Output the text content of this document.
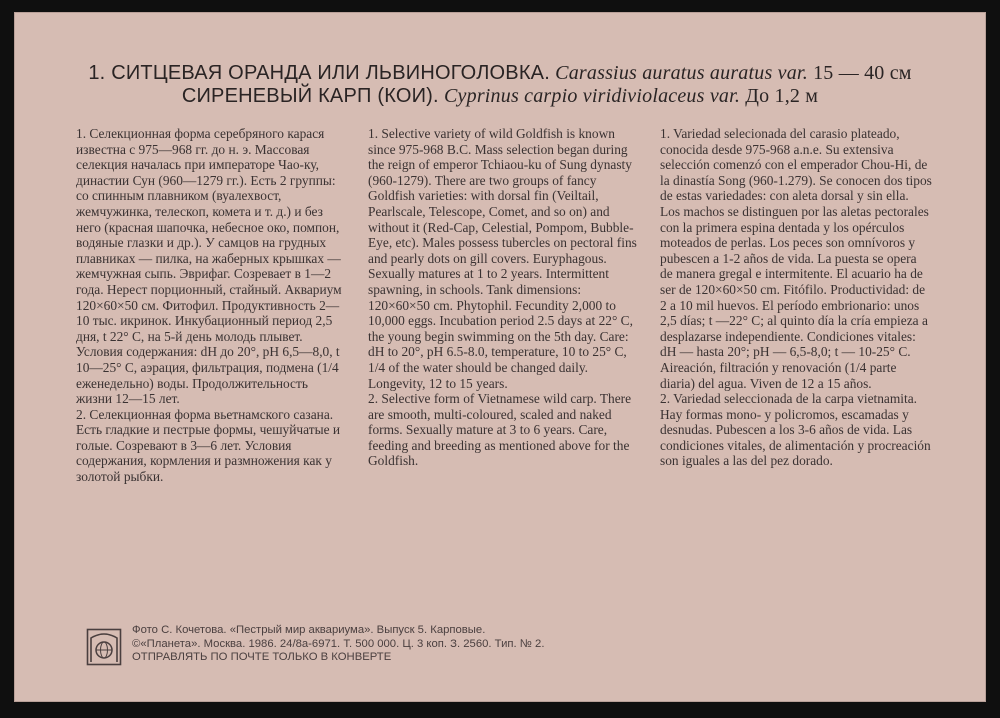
1. СИТЦЕВАЯ ОРАНДА ИЛИ ЛЬВИНОГОЛОВКА. Carassius auratus auratus var. 15 — 40 см
СИРЕНЕВЫЙ КАРП (КОИ). Cyprinus carpio viridiviolaceus var. До 1,2 м

1. Селекционная форма серебряного карася известна с 975—968 гг. до н. э. Массовая селекция началась при императоре Чао-ку, династии Сун (960—1279 гг.). Есть 2 группы: со спинным плавником (вуалехвост, жемчужинка, телескоп, комета и т. д.) и без него (красная шапочка, небесное око, помпон, водяные глазки и др.). У самцов на грудных плавниках — пилка, на жаберных крышках — жемчужная сыпь. Эврифаг. Созревает в 1—2 года. Нерест порционный, стайный. Аквариум 120×60×50 см. Фитофил. Продуктивность 2—10 тыс. икринок. Инкубационный период 2,5 дня, t 22° C, на 5-й день молодь плывет. Условия содержания: dH до 20°, pH 6,5—8,0, t 10—25° C, аэрация, фильтрация, подмена (1/4 еженедельно) воды. Продолжительность жизни 12—15 лет.

2. Селекционная форма вьетнамского сазана. Есть гладкие и пестрые формы, чешуйчатые и голые. Созревают в 3—6 лет. Условия содержания, кормления и размножения как у золотой рыбки.

1. Selective variety of wild Goldfish is known since 975-968 B.C. Mass selection began during the reign of emperor Tchiaou-ku of Sung dynasty (960-1279). There are two groups of fancy Goldfish varieties: with dorsal fin (Veiltail, Pearlscale, Telescope, Comet, and so on) and without it (Red-Cap, Celestial, Pompom, Bubble-Eye, etc). Males possess tubercles on pectoral fins and pearly dots on gill covers. Euryphagous. Sexually matures at 1 to 2 years. Intermittent spawning, in schools. Tank dimensions: 120×60×50 cm. Phytophil. Fecundity 2,000 to 10,000 eggs. Incubation period 2.5 days at 22° C, the young begin swimming on the 5th day. Care: dH to 20°, pH 6.5-8.0, temperature, 10 to 25° C, 1/4 of the water should be changed daily. Longevity, 12 to 15 years.

2. Selective form of Vietnamese wild carp. There are smooth, multi-coloured, scaled and naked forms. Sexually mature at 3 to 6 years. Care, feeding and breeding as mentioned above for the Goldfish.

1. Variedad selecionada del carasio plateado, conocida desde 975-968 a.n.e. Su extensiva selección comenzó con el emperador Chou-Hi, de la dinastía Song (960-1.279). Se conocen dos tipos de estas variedades: con aleta dorsal y sin ella. Los machos se distinguen por las aletas pectorales con la primera espina dentada y los opérculos moteados de perlas. Los peces son omnívoros y pubescen a 1-2 años de vida. La puesta se opera de manera gregal e intermitente. El acuario ha de ser de 120×60×50 cm. Fitófilo. Productividad: de 2 a 10 mil huevos. El período embrionario: unos 2,5 días; t —22° C; al quinto día la cría empieza a desplazarse independiente. Condiciones vitales: dH — hasta 20°; pH — 6,5-8,0; t — 10-25° C. Aireación, filtración y renovación (1/4 parte diaria) del agua. Viven de 12 a 15 años.

2. Variedad seleccionada de la carpa vietnamita. Hay formas mono- y policromos, escamadas y desnudas. Pubescen a los 3-6 años de vida. Las condiciones vitales, de alimentación y procreación son iguales a las del pez dorado.

Фото С. Кочетова. «Пестрый мир аквариума». Выпуск 5. Карповые.
©«Планета». Москва. 1986. 24/8а-6971. Т. 500 000. Ц. 3 коп. З. 2560. Тип. № 2.
ОТПРАВЛЯТЬ ПО ПОЧТЕ ТОЛЬКО В КОНВЕРТЕ
